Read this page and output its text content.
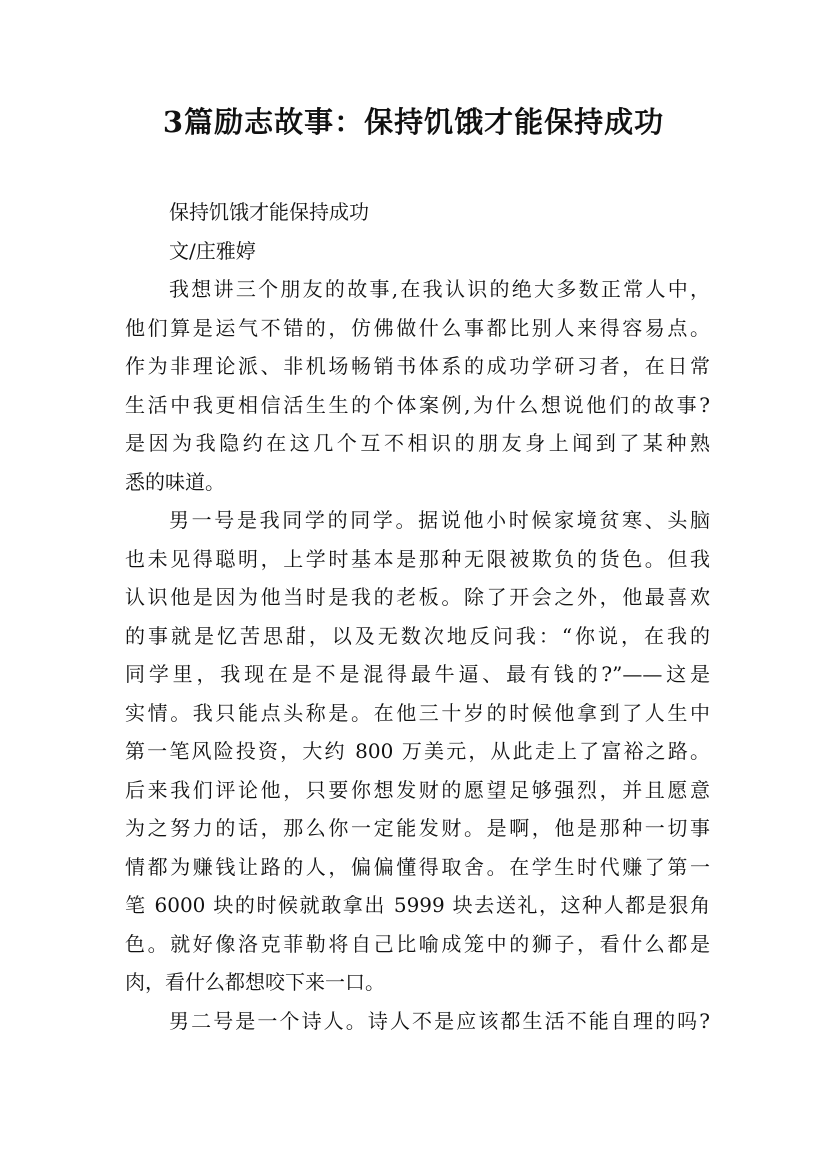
3篇励志故事：保持饥饿才能保持成功
保持饥饿才能保持成功
文/庄雅婷
我想讲三个朋友的故事,在我认识的绝大多数正常人中，
他们算是运气不错的，仿佛做什么事都比别人来得容易点。
作为非理论派、非机场畅销书体系的成功学研习者，在日常
生活中我更相信活生生的个体案例,为什么想说他们的故事?
是因为我隐约在这几个互不相识的朋友身上闻到了某种熟
悉的味道。
男一号是我同学的同学。据说他小时候家境贫寒、头脑
也未见得聪明，上学时基本是那种无限被欺负的货色。但我
认识他是因为他当时是我的老板。除了开会之外，他最喜欢
的事就是忆苦思甜，以及无数次地反问我：“你说，在我的
同学里，我现在是不是混得最牛逼、最有钱的?”——这是
实情。我只能点头称是。在他三十岁的时候他拿到了人生中
第一笔风险投资，大约 800 万美元，从此走上了富裕之路。
后来我们评论他，只要你想发财的愿望足够强烈，并且愿意
为之努力的话，那么你一定能发财。是啊，他是那种一切事
情都为赚钱让路的人，偏偏懂得取舍。在学生时代赚了第一
笔 6000 块的时候就敢拿出 5999 块去送礼，这种人都是狠角
色。就好像洛克菲勒将自己比喻成笼中的狮子，看什么都是
肉，看什么都想咬下来一口。
男二号是一个诗人。诗人不是应该都生活不能自理的吗?
